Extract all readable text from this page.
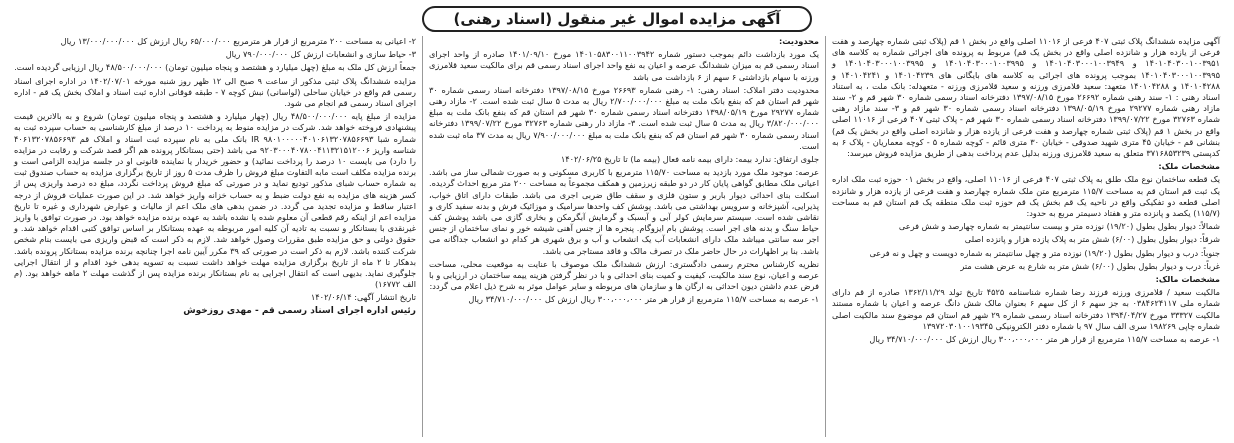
آگهی مزایده اموال غیر منقول (اسناد رهنی)

آگهی مزایده ششدانگ پلاک ثبتی ۴۰۷ فرعی از ۱۱۰۱۶ اصلی واقع در بخش ۱ قم (پلاک ثبتی شماره چهارصد و هفت فرعی از یازده هزار و شانزده اصلی واقع در بخش یک قم) مربوط به پرونده های اجرائی شماره به کلاسه های ۱۴۰۱۰۴۰۳۰۰۱۰۰۳۹۵۱ و ۱۴۰۱۰۴۰۳۰۰۰۱۰۰۳۹۴۹ و ۱۴۰۱۰۴۰۳۰۰۰۱۰۰۳۹۹۵ و ۱۴۰۱۰۴۰۳۰۰۰۱۰۰۳۹۹۵ و ۱۴۰۱۰۴۰۳۰۰۰۱۰۰۳۹۹۵ بموجب پرونده های اجرائی به کلاسه های بایگانی های ۱۴۰۱۰۴۲۳۹ و ۱۴۰۱۰۴۲۴۱ و ۱۴۰۱۰۴۲۸۸ و ۱۴۰۱۰۴۲۸۸ متعهد: سعید قلامرزی ورزنه و سعید قلامرزی ورزنه - متعهدله: بانک ملت ، به استناد اسناد رهنی : ۱- سند رهنی شماره ۲۶۶۹۲ مورخ ۱۳۹۷/۰۸/۱۵ دفترخانه اسناد رسمی شماره ۳۰ شهر قم و ۲- سند مازاد رهنی شماره ۲۹۲۷۷ مورخ ۱۳۹۸/۰۵/۱۹ دفترخانه اسناد رسمی شماره ۳۰ شهر قم و ۳- سند مازاد رهنی شماره ۳۲۷۶۳ مورخ ۱۳۹۹/۰۷/۲۲ دفترخانه اسناد رسمی شماره ۳۰ شهر قم - پلاک ثبتی ۴۰۷ فرعی از ۱۱۰۱۶ اصلی واقع در بخش ۱ قم (پلاک ثبتی شماره چهارصد و هفت فرعی از یازده هزار و شانزده اصلی واقع در بخش یک قم) بنشانی قم - خیابان ۴۵ متری شهید صدوقی - خیابان ۳۰ متری قائم - کوچه شماره ۵ - کوچه معماریان - پلاک ۶ به کدپستی ۳۷۱۶۸۵۳۲۳۹ متعلق به سعید قلامرزی ورزنه بدلیل عدم پرداخت بدهی از طریق مزایده فروش میرسد:

مشخصات ملک:

یک قطعه ساختمان نوع ملک طلق به پلاک ثبتی ۴۰۷ فرعی از ۱۱۰۱۶ اصلی، واقع در بخش ۰۱ حوزه ثبت ملک اداره یک ثبت قم استان قم به مساحت ۱۱۵/۷ مترمربع متن ملک شماره چهارصد و هفت فرعی از یازده هزار و شانزده اصلی قطعه دو تفکیکی واقع در ناحیه یک قم بخش یک قم حوزه ثبت ملک منطقه یک قم استان قم به مساحت (۱۱۵/۷) یکصد و پانزده متر و هفتاد دسیمتر مربع به حدود:

شمالاً: دیوار بطول بطول (۱۹/۲۰) نوزده متر و بیست سانتیمتر به شماره چهارصد و شش فرعی

شرقاً: دیوار بطول بطول (۶/۰۰) شش متر به پلاک یازده هزار و پانزده اصلی

جنوباً: درب و دیوار بطول بطول (۱۹/۲۰) نوزده متر و چهل سانتیمتر به شماره دویست و چهل و نه فرعی

غرباً: درب و دیوار بطول بطول (۶/۰۰) شش متر به شارع به عرض هشت متر

مشخصات مالک:

مالکیت سعید / قلامرزی ورزنه فرزند رضا شماره شناسنامه ۴۵۲۵ تاریخ تولد ۱۳۶۲/۱۱/۲۹ صادره از قم دارای شماره ملی ۰۳۸۴۶۲۴۱۱۷ به جز سهم ۶ از کل سهم ۶ بعنوان مالک شش دانگ عرصه و اعیان با شماره مستند مالکیت ۳۳۳۲۷ مورخ ۱۳۹۴/۰۴/۲۷ دفترخانه اسناد رسمی شماره ۲۹ شهر قم استان قم موضوع سند مالکیت اصلی شماره چاپی ۱۹۸۲۶۹ سری الف سال ۹۷ با شماره دفتر الکترونیکی ۱۳۹۷۲۰۳۰۱۰۰۱۹۳۴۵

۱- عرصه به مساحت ۱۱۵/۷ مترمربع از قرار هر متر ۳۰۰،۰۰۰،۰۰۰ ریال ارزش کل ۳۴/۷۱۰/۰۰۰/۰۰۰ ریال

محدودیت:

یک مورد بازداشت دائم بموجب دستور شماره ۱۴۰۱۰۵۸۳۰۰۱۱۰۰۳۹۴۲ مورخ ۱۴۰۱/۰۹/۱۰ صادره از واحد اجرای اسناد رسمی قم به میزان ششدانگ عرصه و اعیان به نفع واحد اجرای اسناد رسمی قم برای مالکیت سعید قلامرزی ورزنه با سهام بازداشتی ۶ سهم از ۶ بازداشت می باشد

محدودیت دفتر املاک: اسناد رهنی: ۱- رهنی شماره ۲۶۶۹۳ مورخ ۱۳۹۷/۰۸/۱۵ دفترخانه اسناد رسمی شماره ۳۰ شهر قم استان قم که بنفع بانک ملت به مبلغ ۲/۷۰۰/۰۰۰/۰۰۰ ریال به مدت ۵ سال ثبت شده است. ۲- مازاد رهنی شماره ۲۹۲۷۷ مورخ ۱۳۹۸/۰۵/۱۹ دفترخانه اسناد رسمی شماره ۳۰ شهر قم استان قم که بنفع بانک ملت به مبلغ ۳/۸۲۰/۰۰۰/۰۰۰ ریال به مدت ۵ سال ثبت شده است. ۳- مازاد دار رهنی شماره ۳۲۷۶۳ مورخ ۱۳۹۹/۰۷/۲۲ دفترخانه اسناد رسمی شماره ۳۰ شهر قم استان قم که بنفع بانک ملت به مبلغ ۷/۹۰۰/۰۰۰/۰۰۰ ریال به مدت ۳۷ ماه ثبت شده است.

جلوی ارتفاق: ندارد بیمه: دارای بیمه نامه فعال (بیمه ما) تا تاریخ ۱۴۰۲/۰۶/۲۵

عرصه: موجود ملک مورد بازدید به مساحت ۱۱۵/۷۰ مترمربع با کاربری مسکونی و به صورت شمالی ساز می باشد. اعیانی ملک مطابق گواهی پایان کار در دو طبقه زیرزمین و همکف مجموعاً به مساحت ۲۰۰ متر مربع احداث گردیده. اسکلت بنای احداثی دیوار باربر و ستون فلزی و سقف طاق ضربی اجری می باشد. طبقات دارای اتاق خواب، پذیرایی، آشپزخانه و سرویس بهداشتی می باشد. پوشش کف واحدها سرامیک و موزائیک فرش و بدنه سفید کاری و نقاشی شده است. سیستم سرمایش کولر آبی و آبسبک و گرمایش آبگرمکن و بخاری گازی می باشد پوشش کف حیاط سنگ و بدنه های اجر است. پوشش بام ایزوگام. پنجره ها از جنس آهنی شیشه خور و نمای ساختمان از جنس اجر سه سانتی میباشد ملک دارای انشعابات آب یک انشعاب و آب و برق شهری هر کدام دو انشعاب جداگانه می باشد. بنا بر اظهارات در حال حاضر ملک در تصرف مالک و فاقد مستاجر می باشد.

نظریه کارشناس محترم رسمی دادگستری: ارزش ششدانگ ملک موصوف با عنایت به موقعیت محلی، مساحت عرصه و اعیان، نوع سند مالکیت، کیفیت و کمیت بنای احداثی و با در نظر گرفتن هزینه ییمه ساختمان در ارزیابی و با فرض عدم داشتن دیون احداثی به ارگان ها و سازمان های مربوطه و سایر عوامل موثر به شرح ذیل اعلام می گردد:

۱- عرصه به مساحت ۱۱۵/۷ مترمربع از قرار هر متر ۳۰۰،۰۰۰،۰۰۰ ریال ارزش کل ۳۴/۷۱۰/۰۰۰/۰۰۰ ریال

۲- اعیانی به مساحت ۲۰۰ مترمربع از قرار هر مترمربع ۶۵/۰۰۰/۰۰۰ ریال ارزش کل ۱۳/۰۰۰/۰۰۰/۰۰۰ ریال

۳- حیاط سازی و انشعابات ارزش کل ۷۹۰/۰۰۰/۰۰۰ ریال

جمعاً ارزش کل ملک به مبلغ (چهل میلیارد و هشتصد و پنجاه میلیون تومان) ۴۸/۵۰۰/۰۰۰/۰۰۰ ریال ارزیابی گردیده است.

مزایده ششدانگ پلاک ثبتی مذکور از ساعت ۹ صبح الی ۱۲ ظهر روز شنبه مورخه ۱۴۰۲/۰۷/۰۱ در اداره اجرای اسناد رسمی قم واقع در خیابان ساحلی (لواسانی) نبش کوچه ۷ - طبقه فوقانی اداره ثبت اسناد و املاک بخش یک قم - اداره اجرای اسناد رسمی قم انجام می شود.

مزایده از مبلغ پایه ۴۸/۵۰۰/۰۰۰/۰۰۰ ریال (چهار میلیارد و هشتصد و پنجاه میلیون تومان) شروع و به بالاترین قیمت پیشنهادی فروخته خواهد شد. شرکت در مزایده منوط به پرداخت ۱۰ درصد از مبلغ کارشناسی به حساب سپرده ثبت به شماره شبا IR ۹۸۰۱۰۰۰۰۰۴۰۱۰۶۱۳۲۰۷۸۵۶۶۹۳ بانک ملی به نام سپرده ثبت اسناد و املاک قم ۴۰۶۱۳۲۰۷۸۵۶۶۹۳ شناسه واریز ۹۲۰۳۰۰۰۴۰۷۸۰۰۴۱۱۳۲۱۵۱۲۰۰۶ می باشد (حتی بستانکار پرونده هم اگر قصد شرکت و رقابت در مزایده را دارد) می بایست ۱۰ درصد را پرداخت نمائید) و حضور خریدار یا نماینده قانونی او در جلسه مزایده الزامی است و برنده مزایده مکلف است مابه التفاوت مبلغ فروش را ظرف مدت ۵ روز از تاریخ برگزاری مزایده به حساب صندوق ثبت به شماره حساب شبای مذکور تودیع نماید و در صورتی که مبلغ فروش پرداخت نگردد، مبلغ ده درصد واریزی پس از کسر هزینه های مزایده به نفع دولت ضبط و به حساب خزانه واریز خواهد شد. در این صورت عملیات فروش از درجه اعتبار ساقط و مزایده تجدید می گردد. در ضمن بدهی های ملک اعم از مالیات و عوارض شهرداری و غیره تا تاریخ مزایده اعم از اینکه رقم قطعی آن معلوم شده یا نشده باشد به عهده برنده مزایده خواهد بود. در صورت توافق با واریز غیرنقدی با بستانکار و نسبت به تادیه آن کلیه امور مربوطه به عهده بستانکار بر اساس توافق کتبی اقدام خواهد شد. و حقوق دولتی و حق مزایده طبق مقررات وصول خواهد شد. لازم به ذکر است که قبض واریزی می بایست بنام شخص شرکت کننده باشد. لازم به ذکر است در صورتی که ۳۹ مکرر آیین نامه اجرا چنانچه برنده مزایده بستانکار پرونده باشد. بدهکار تا ۲ ماه از تاریخ برگزاری مزایده مهلت خواهد داشت نسبت به تسویه بدهی خود اقدام و از انتقال اجرایی جلوگیری نماید. بدیهی است که انتقال اجرایی به نام بستانکار برنده مزایده پس از گذشت مهلت ۲ ماهه خواهد بود. (م الف ۱۶۷۷۲)

تاریخ انتشار آگهی: ۱۴۰۲/۰۶/۱۴

رئیس اداره اجرای اسناد رسمی قم - مهدی روزخوش
